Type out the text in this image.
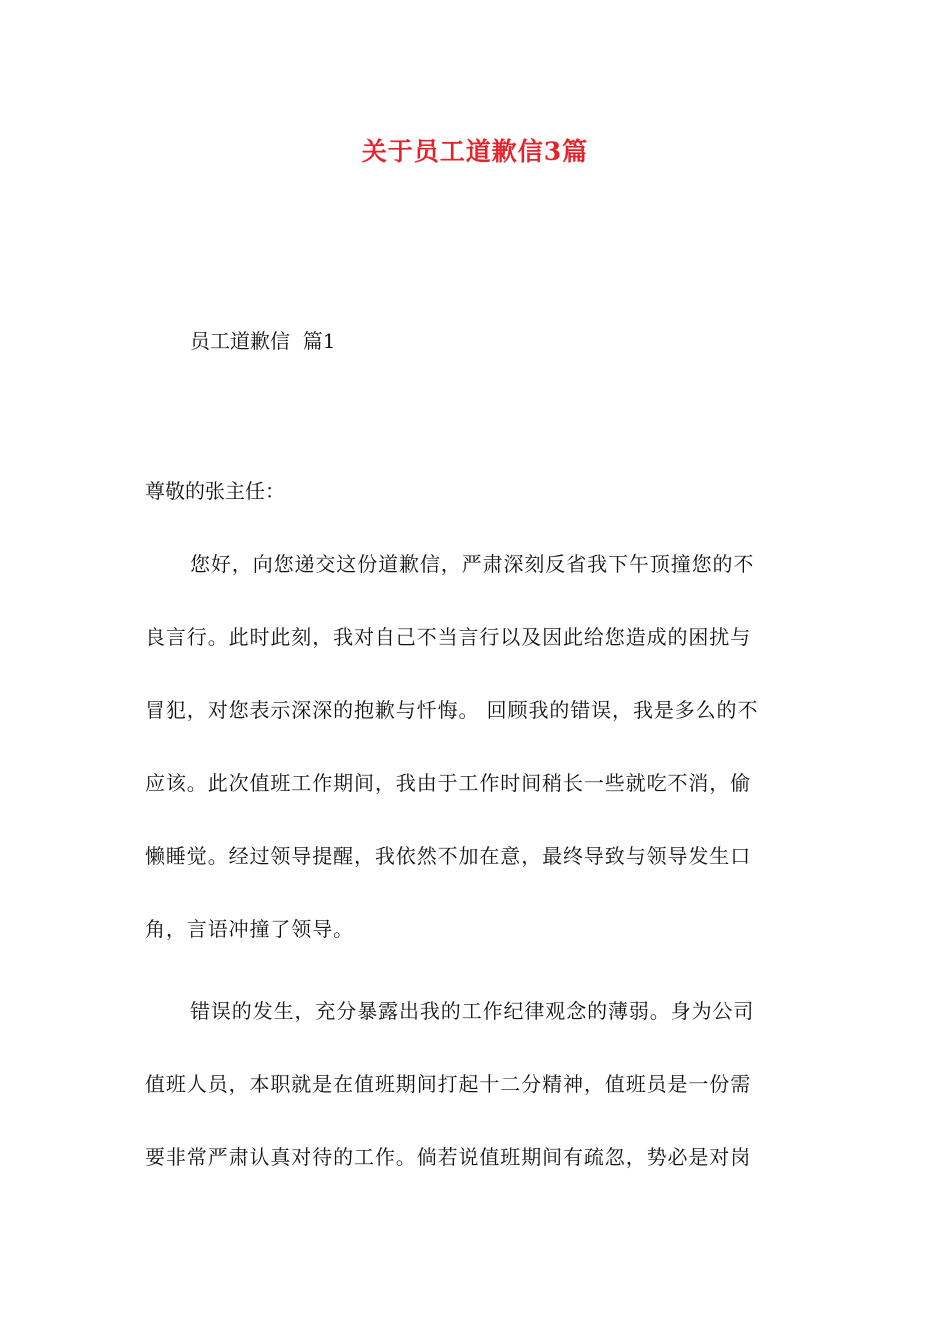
关于员工道歉信3篇
员工道歉信  篇1
尊敬的张主任：
您好，向您递交这份道歉信，严肃深刻反省我下午顶撞您的不
良言行。此时此刻，我对自己不当言行以及因此给您造成的困扰与
冒犯，对您表示深深的抱歉与忏悔。 回顾我的错误，我是多么的不
应该。此次值班工作期间，我由于工作时间稍长一些就吃不消，偷
懒睡觉。经过领导提醒，我依然不加在意，最终导致与领导发生口
角，言语冲撞了领导。
错误的发生，充分暴露出我的工作纪律观念的薄弱。身为公司
值班人员，本职就是在值班期间打起十二分精神，值班员是一份需
要非常严肃认真对待的工作。倘若说值班期间有疏忽，势必是对岗
